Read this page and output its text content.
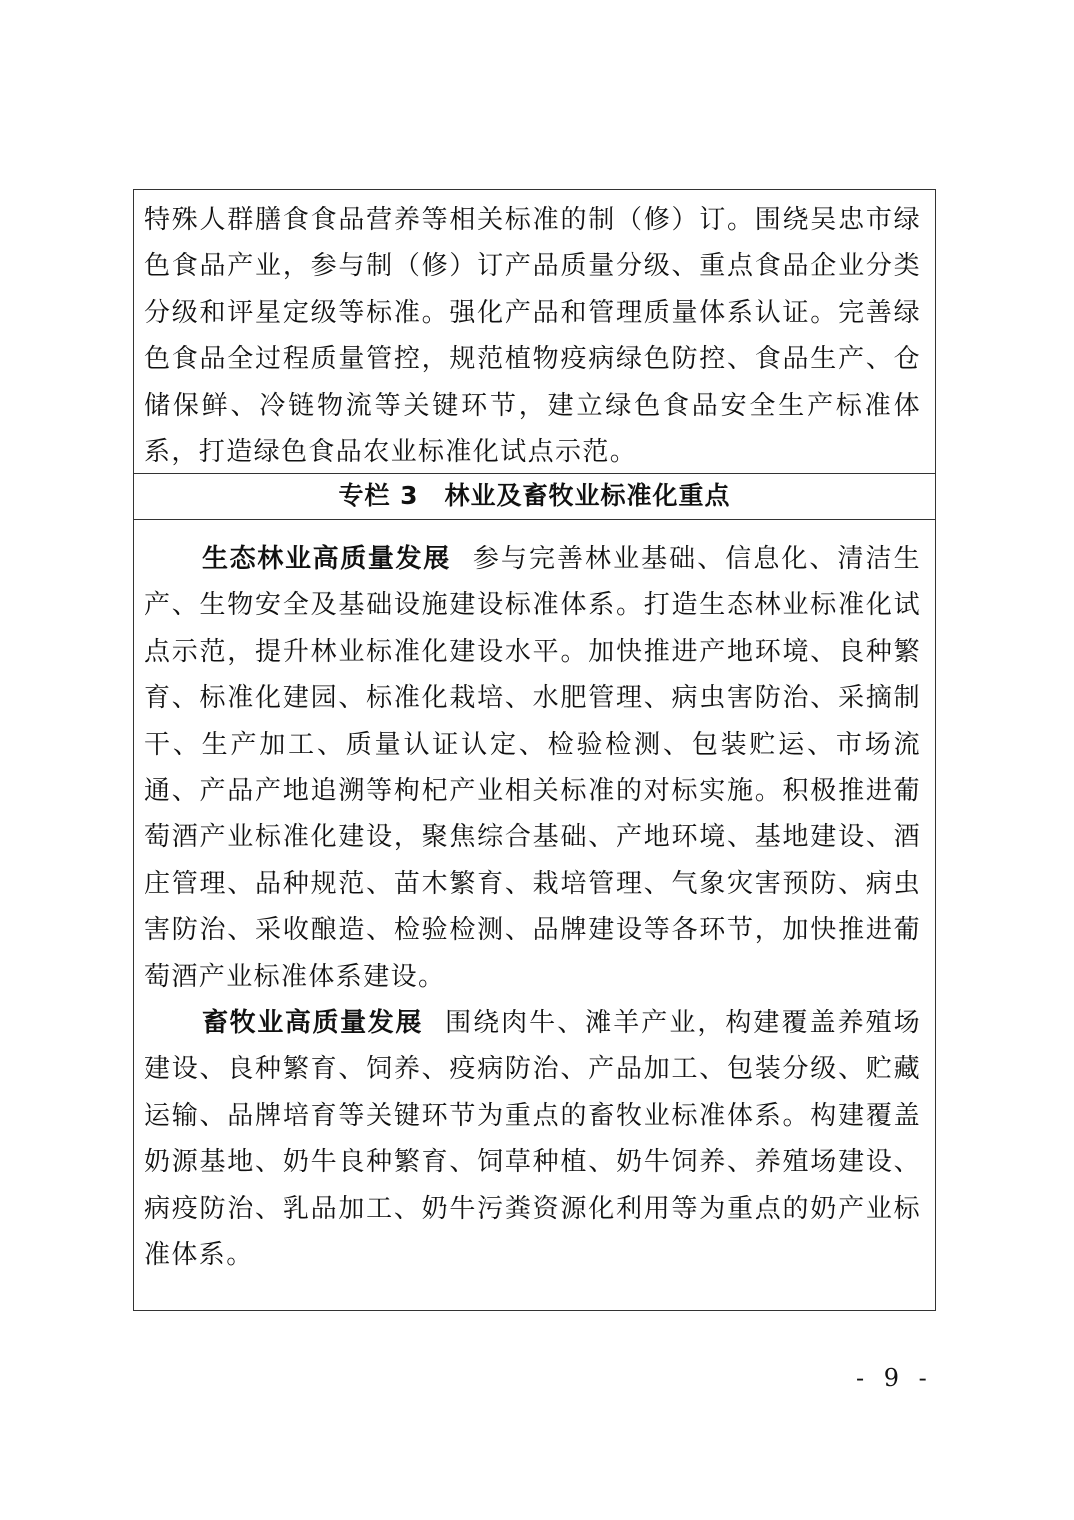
特殊人群膳食食品营养等相关标准的制（修）订。围绕吴忠市绿色食品产业，参与制（修）订产品质量分级、重点食品企业分类分级和评星定级等标准。强化产品和管理质量体系认证。完善绿色食品全过程质量管控，规范植物疫病绿色防控、食品生产、仓储保鲜、冷链物流等关键环节，建立绿色食品安全生产标准体系，打造绿色食品农业标准化试点示范。

专栏 3　林业及畜牧业标准化重点

生态林业高质量发展 参与完善林业基础、信息化、清洁生产、生物安全及基础设施建设标准体系。打造生态林业标准化试点示范，提升林业标准化建设水平。加快推进产地环境、良种繁育、标准化建园、标准化栽培、水肥管理、病虫害防治、采摘制干、生产加工、质量认证认定、检验检测、包装贮运、市场流通、产品产地追溯等枸杞产业相关标准的对标实施。积极推进葡萄酒产业标准化建设，聚焦综合基础、产地环境、基地建设、酒庄管理、品种规范、苗木繁育、栽培管理、气象灾害预防、病虫害防治、采收酿造、检验检测、品牌建设等各环节，加快推进葡萄酒产业标准体系建设。

畜牧业高质量发展 围绕肉牛、滩羊产业，构建覆盖养殖场建设、良种繁育、饲养、疫病防治、产品加工、包装分级、贮藏运输、品牌培育等关键环节为重点的畜牧业标准体系。构建覆盖奶源基地、奶牛良种繁育、饲草种植、奶牛饲养、养殖场建设、病疫防治、乳品加工、奶牛污粪资源化利用等为重点的奶产业标准体系。

- 9 -
